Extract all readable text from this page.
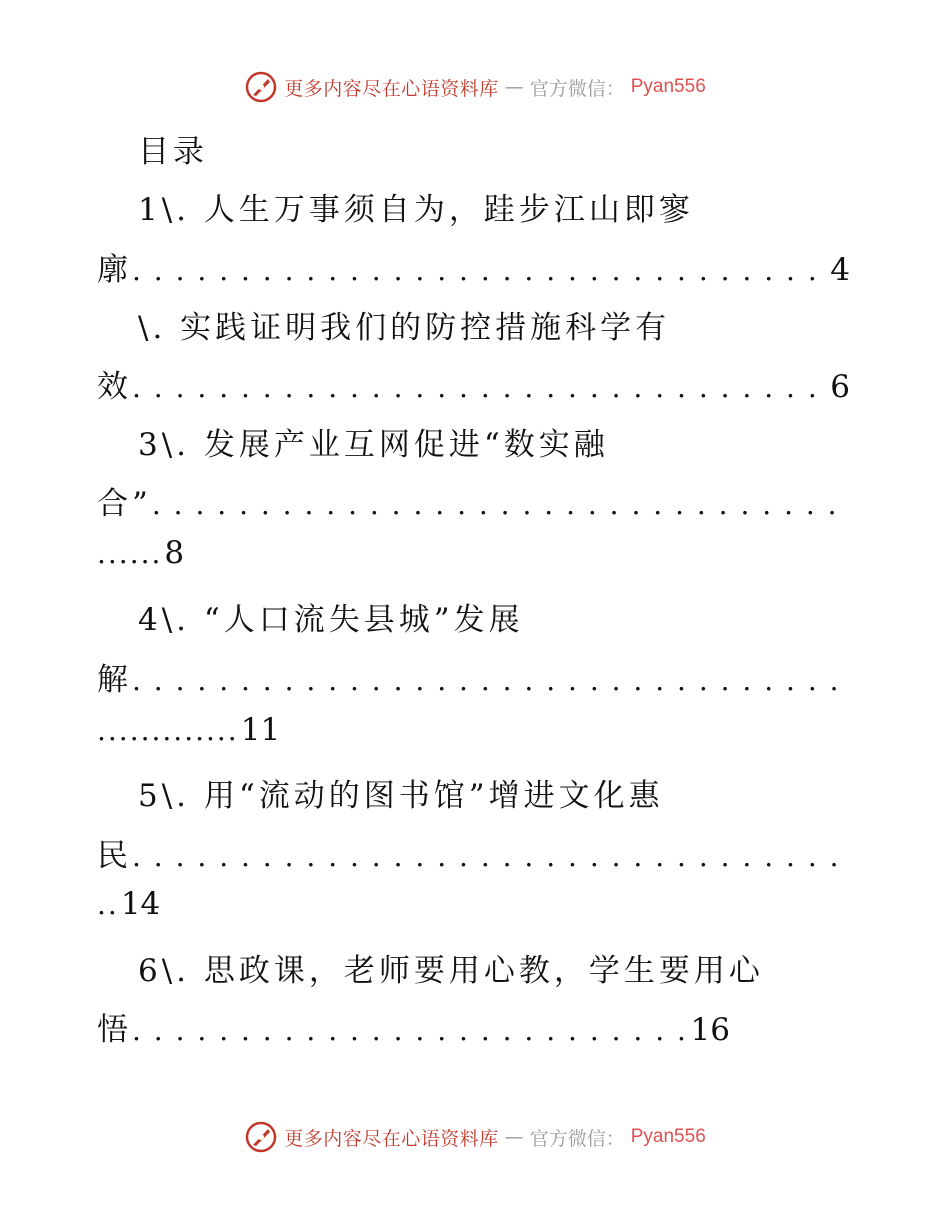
更多内容尽在心语资料库 — 官方微信： Pyan556
目录
1\. 人生万事须自为，跬步江山即寥
廓 . . .	4
\. 实践证明我们的防控措施科学有
效 . . .	6
3\. 发展产业互网促进“数实融
合”
. . .
...... 8
4\. “人口流失县城”发展
解
. . .
............. 11
5\. 用“流动的图书馆”增进文化惠
民
. . .
.. 14
6\. 思政课，老师要用心教，学生要用心
悟 . . .	16
更多内容尽在心语资料库 — 官方微信： Pyan556
